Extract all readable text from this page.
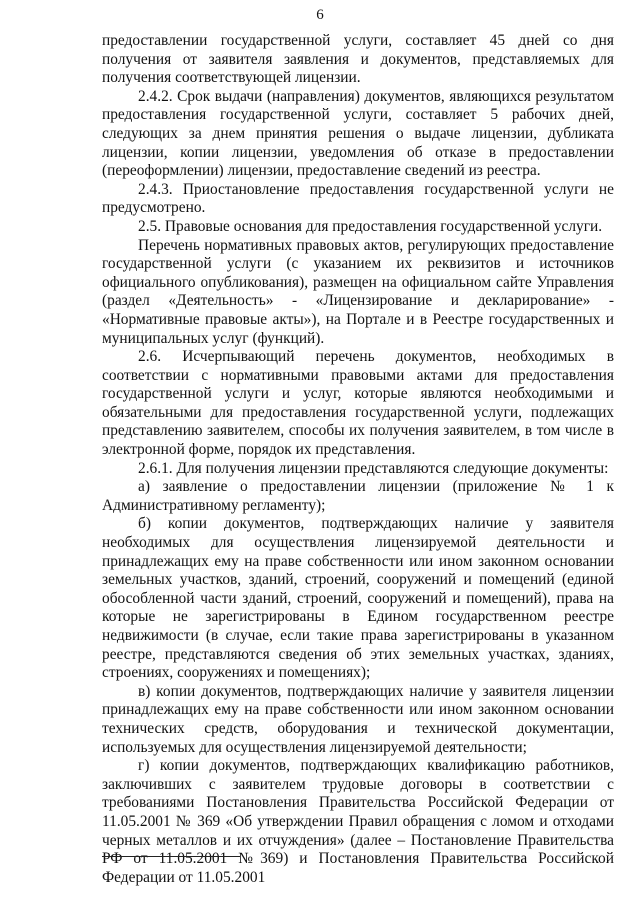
6

предоставлении государственной услуги, составляет 45 дней со дня получения от заявителя заявления и документов, представляемых для получения соответствующей лицензии.

2.4.2. Срок выдачи (направления) документов, являющихся результатом предоставления государственной услуги, составляет 5 рабочих дней, следующих за днем принятия решения о выдаче лицензии, дубликата лицензии, копии лицензии, уведомления об отказе в предоставлении (переоформлении) лицензии, предоставление сведений из реестра.

2.4.3. Приостановление предоставления государственной услуги не предусмотрено.

2.5. Правовые основания для предоставления государственной услуги.

Перечень нормативных правовых актов, регулирующих предоставление государственной услуги (с указанием их реквизитов и источников официального опубликования), размещен на официальном сайте Управления (раздел «Деятельность» - «Лицензирование и декларирование» - «Нормативные правовые акты»), на Портале и в Реестре государственных и муниципальных услуг (функций).

2.6. Исчерпывающий перечень документов, необходимых в соответствии с нормативными правовыми актами для предоставления государственной услуги и услуг, которые являются необходимыми и обязательными для предоставления государственной услуги, подлежащих представлению заявителем, способы их получения заявителем, в том числе в электронной форме, порядок их представления.

2.6.1. Для получения лицензии представляются следующие документы:

а) заявление о предоставлении лицензии (приложение № 1 к Административному регламенту);

б) копии документов, подтверждающих наличие у заявителя необходимых для осуществления лицензируемой деятельности и принадлежащих ему на праве собственности или ином законном основании земельных участков, зданий, строений, сооружений и помещений (единой обособленной части зданий, строений, сооружений и помещений), права на которые не зарегистрированы в Едином государственном реестре недвижимости (в случае, если такие права зарегистрированы в указанном реестре, представляются сведения об этих земельных участках, зданиях, строениях, сооружениях и помещениях);

в) копии документов, подтверждающих наличие у заявителя лицензии принадлежащих ему на праве собственности или ином законном основании технических средств, оборудования и технической документации, используемых для осуществления лицензируемой деятельности;

г) копии документов, подтверждающих квалификацию работников, заключивших с заявителем трудовые договоры в соответствии с требованиями Постановления Правительства Российской Федерации от 11.05.2001 № 369 «Об утверждении Правил обращения с ломом и отходами черных металлов и их отчуждения» (далее – Постановление Правительства РФ от 11.05.2001 №369) и Постановления Правительства Российской Федерации от 11.05.2001
